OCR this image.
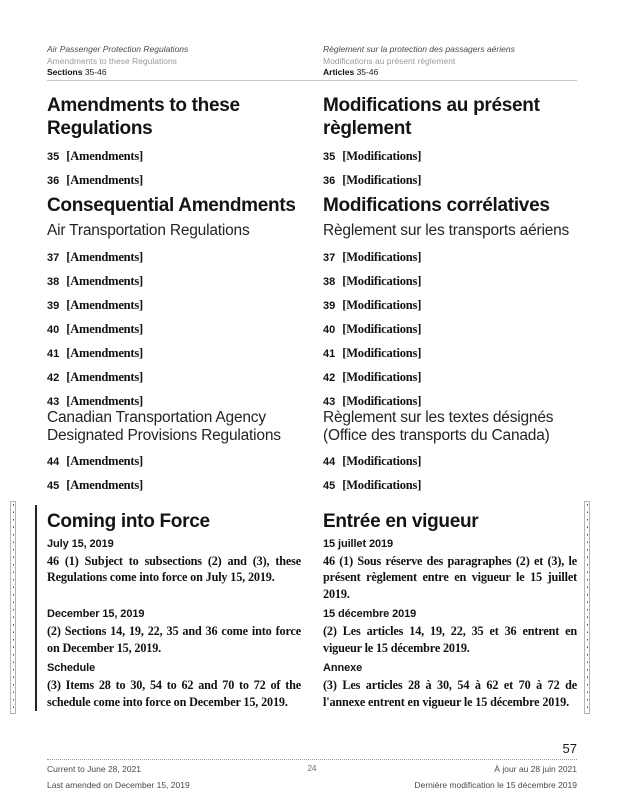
Air Passenger Protection Regulations
Amendments to these Regulations
Sections 35-46
Règlement sur la protection des passagers aériens
Modifications au présent règlement
Articles 35-46
Amendments to these Regulations
Modifications au présent règlement

35 [Amendments]	35 [Modifications]

36 [Amendments]	36 [Modifications]

Consequential Amendments Modifications corrélatives
Air Transportation Regulations	Règlement sur les transports aériens

37 [Amendments]	37 [Modifications]

38 [Amendments]	38 [Modifications]

39 [Amendments]	39 [Modifications]

40 [Amendments]	40 [Modifications]

41 [Amendments]	41 [Modifications]

42 [Amendments]	42 [Modifications]

43 [Amendments]	43 [Modifications]

Canadian Transportation Agency Designated Provisions Regulations
Règlement sur les textes désignés (Office des transports du Canada)

44 [Amendments]	44 [Modifications]

45 [Amendments]	45 [Modifications]

Coming into Force	Entrée en vigueur
July 15, 2019

46 (1) Subject to subsections (2) and (3), these Regulations come into force on July 15, 2019.

15 juillet 2019

46 (1) Sous réserve des paragraphes (2) et (3), le présent règlement entre en vigueur le 15 juillet 2019.

December 15, 2019

(2) Sections 14, 19, 22, 35 and 36 come into force on December 15, 2019.

15 décembre 2019

(2) Les articles 14, 19, 22, 35 et 36 entrent en vigueur le 15 décembre 2019.

Schedule

(3) Items 28 to 30, 54 to 62 and 70 to 72 of the schedule come into force on December 15, 2019.

Annexe

(3) Les articles 28 à 30, 54 à 62 et 70 à 72 de l'annexe entrent en vigueur le 15 décembre 2019.

57
Current to June 28, 2021	24	À jour au 28 juin 2021
Last amended on December 15, 2019	Dernière modification le 15 décembre 2019
